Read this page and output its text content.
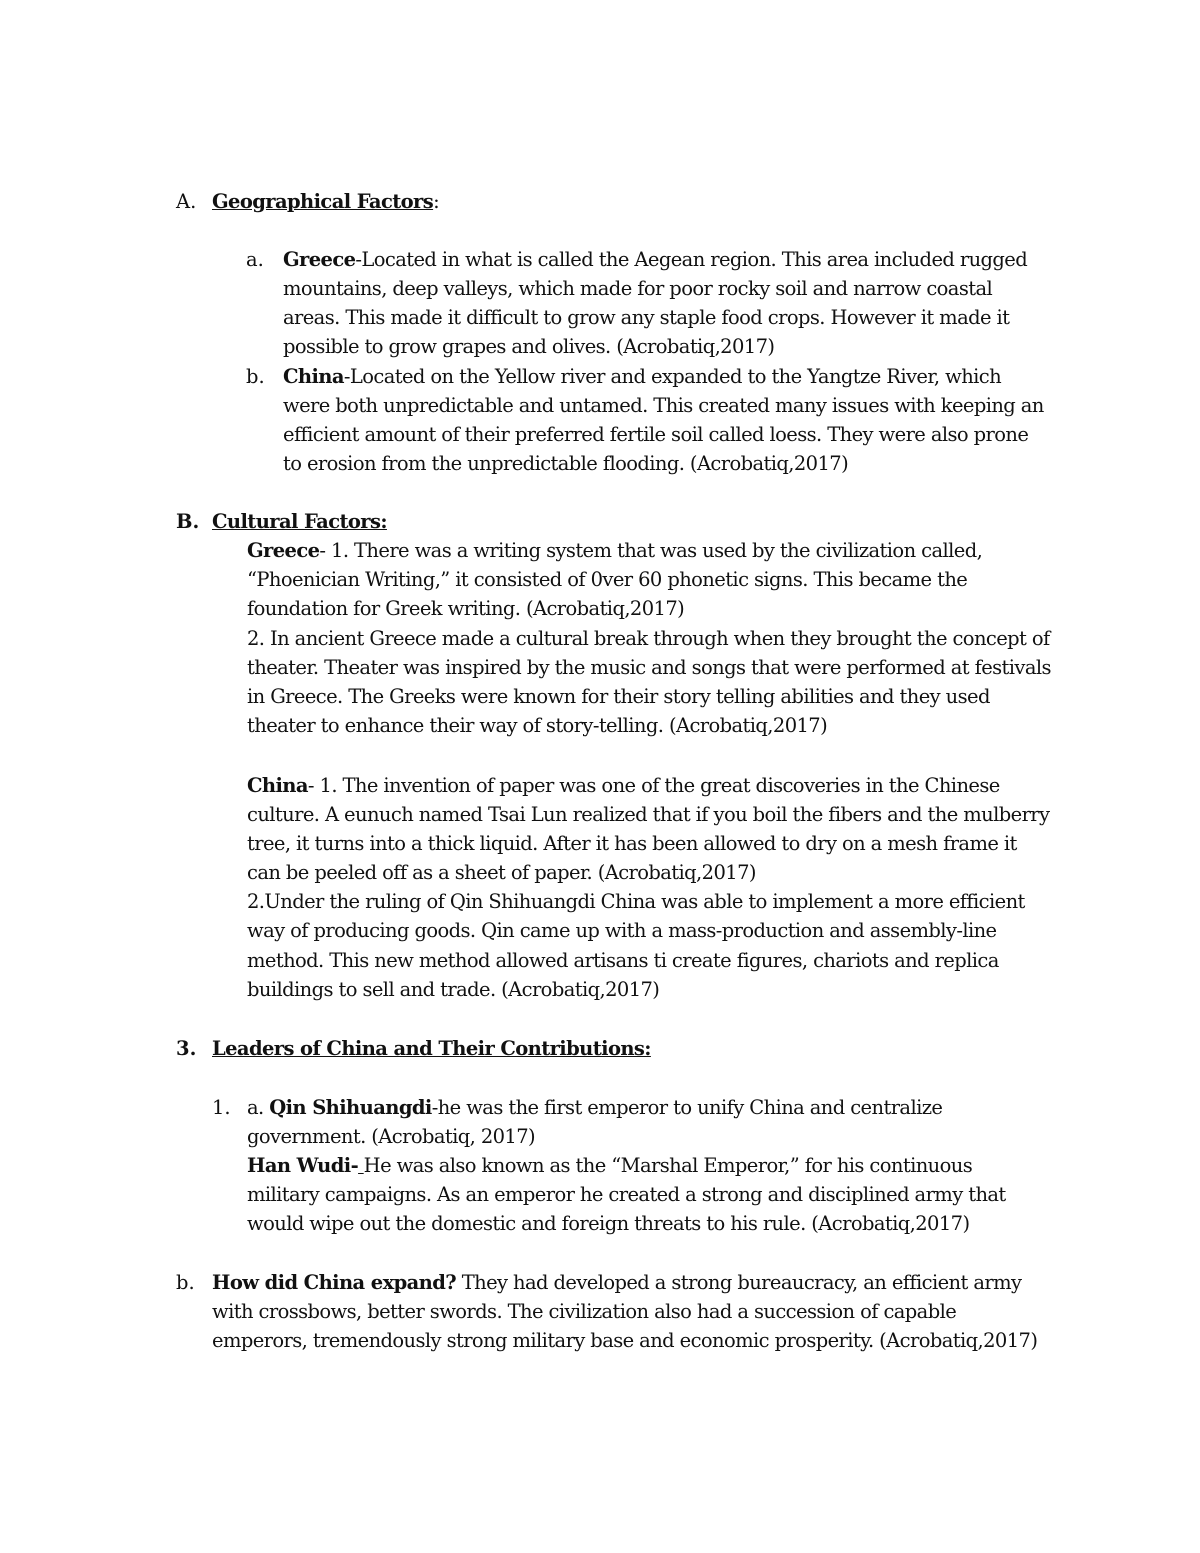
A. Geographical Factors:
a. Greece-Located in what is called the Aegean region. This area included rugged
mountains, deep valleys, which made for poor rocky soil and narrow coastal
areas. This made it difficult to grow any staple food crops. However it made it
possible to grow grapes and olives. (Acrobatiq,2017)
b. China-Located on the Yellow river and expanded to the Yangtze River, which
were both unpredictable and untamed. This created many issues with keeping an
efficient amount of their preferred fertile soil called loess. They were also prone
to erosion from the unpredictable flooding. (Acrobatiq,2017)
B. Cultural Factors:
Greece- 1. There was a writing system that was used by the civilization called,
“Phoenician Writing,” it consisted of 0ver 60 phonetic signs. This became the
foundation for Greek writing. (Acrobatiq,2017)
2. In ancient Greece made a cultural break through when they brought the concept of
theater. Theater was inspired by the music and songs that were performed at festivals
in Greece. The Greeks were known for their story telling abilities and they used
theater to enhance their way of story-telling. (Acrobatiq,2017)
China- 1. The invention of paper was one of the great discoveries in the Chinese
culture. A eunuch named Tsai Lun realized that if you boil the fibers and the mulberry
tree, it turns into a thick liquid. After it has been allowed to dry on a mesh frame it
can be peeled off as a sheet of paper. (Acrobatiq,2017)
2.Under the ruling of Qin Shihuangdi China was able to implement a more efficient
way of producing goods. Qin came up with a mass-production and assembly-line
method. This new method allowed artisans ti create figures, chariots and replica
buildings to sell and trade. (Acrobatiq,2017)
3. Leaders of China and Their Contributions:
1. a. Qin Shihuangdi-he was the first emperor to unify China and centralize
government. (Acrobatiq, 2017)
Han Wudi- He was also known as the “Marshal Emperor,” for his continuous
military campaigns. As an emperor he created a strong and disciplined army that
would wipe out the domestic and foreign threats to his rule. (Acrobatiq,2017)
b. How did China expand? They had developed a strong bureaucracy, an efficient army
with crossbows, better swords. The civilization also had a succession of capable
emperors, tremendously strong military base and economic prosperity. (Acrobatiq,2017)
